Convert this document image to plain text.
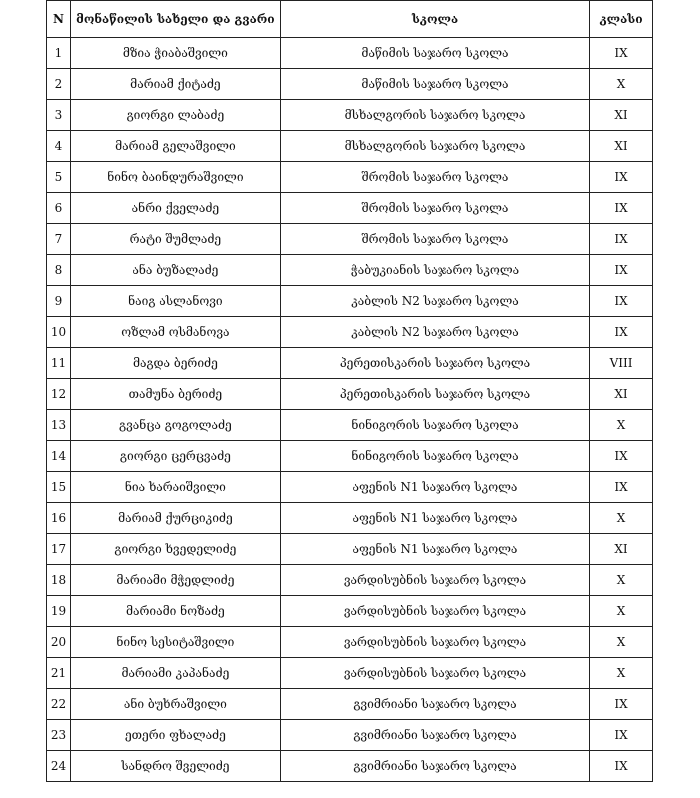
N	მონაწილის სახელი და გვარი	სკოლა	კლასი
1	მზია ჭიაბაშვილი	მაწიმის საჯარო სკოლა	IX
2	მარიამ ქიტაძე	მაწიმის საჯარო სკოლა	X
3	გიორგი ლაბაძე	მსხალგორის საჯარო სკოლა	XI
4	მარიამ გელაშვილი	მსხალგორის საჯარო სკოლა	XI
5	ნინო ბაინდურაშვილი	შრომის საჯარო სკოლა	IX
6	ანრი ქველაძე	შრომის საჯარო სკოლა	IX
7	რატი შუმლაძე	შრომის საჯარო სკოლა	IX
8	ანა ბუზალაძე	ჭაბუკიანის საჯარო სკოლა	IX
9	ნაიგ ასლანოვი	კაბლის N2 საჯარო სკოლა	IX
10	ოზლამ ოსმანოვა	კაბლის N2 საჯარო სკოლა	IX
11	მაგდა ბერიძე	პერეთისკარის საჯარო სკოლა	VIII
12	თამუნა ბერიძე	პერეთისკარის საჯარო სკოლა	XI
13	გვანცა გოგოლაძე	ნინიგორის საჯარო სკოლა	X
14	გიორგი ცერცვაძე	ნინიგორის საჯარო სკოლა	IX
15	ნია ხარაიშვილი	აფენის N1 საჯარო სკოლა	IX
16	მარიამ ქურციკიძე	აფენის N1 საჯარო სკოლა	X
17	გიორგი ხვედელიძე	აფენის N1 საჯარო სკოლა	XI
18	მარიამი მჭედლიძე	ვარდისუბნის საჯარო სკოლა	X
19	მარიამი ნოზაძე	ვარდისუბნის საჯარო სკოლა	X
20	ნინო სესიტაშვილი	ვარდისუბნის საჯარო სკოლა	X
21	მარიამი კაპანაძე	ვარდისუბნის საჯარო სკოლა	X
22	ანი ბუხრაშვილი	გვიმრიანი საჯარო სკოლა	IX
23	ეთერი ფხალაძე	გვიმრიანი საჯარო სკოლა	IX
24	სანდრო შველიძე	გვიმრიანი საჯარო სკოლა	IX
